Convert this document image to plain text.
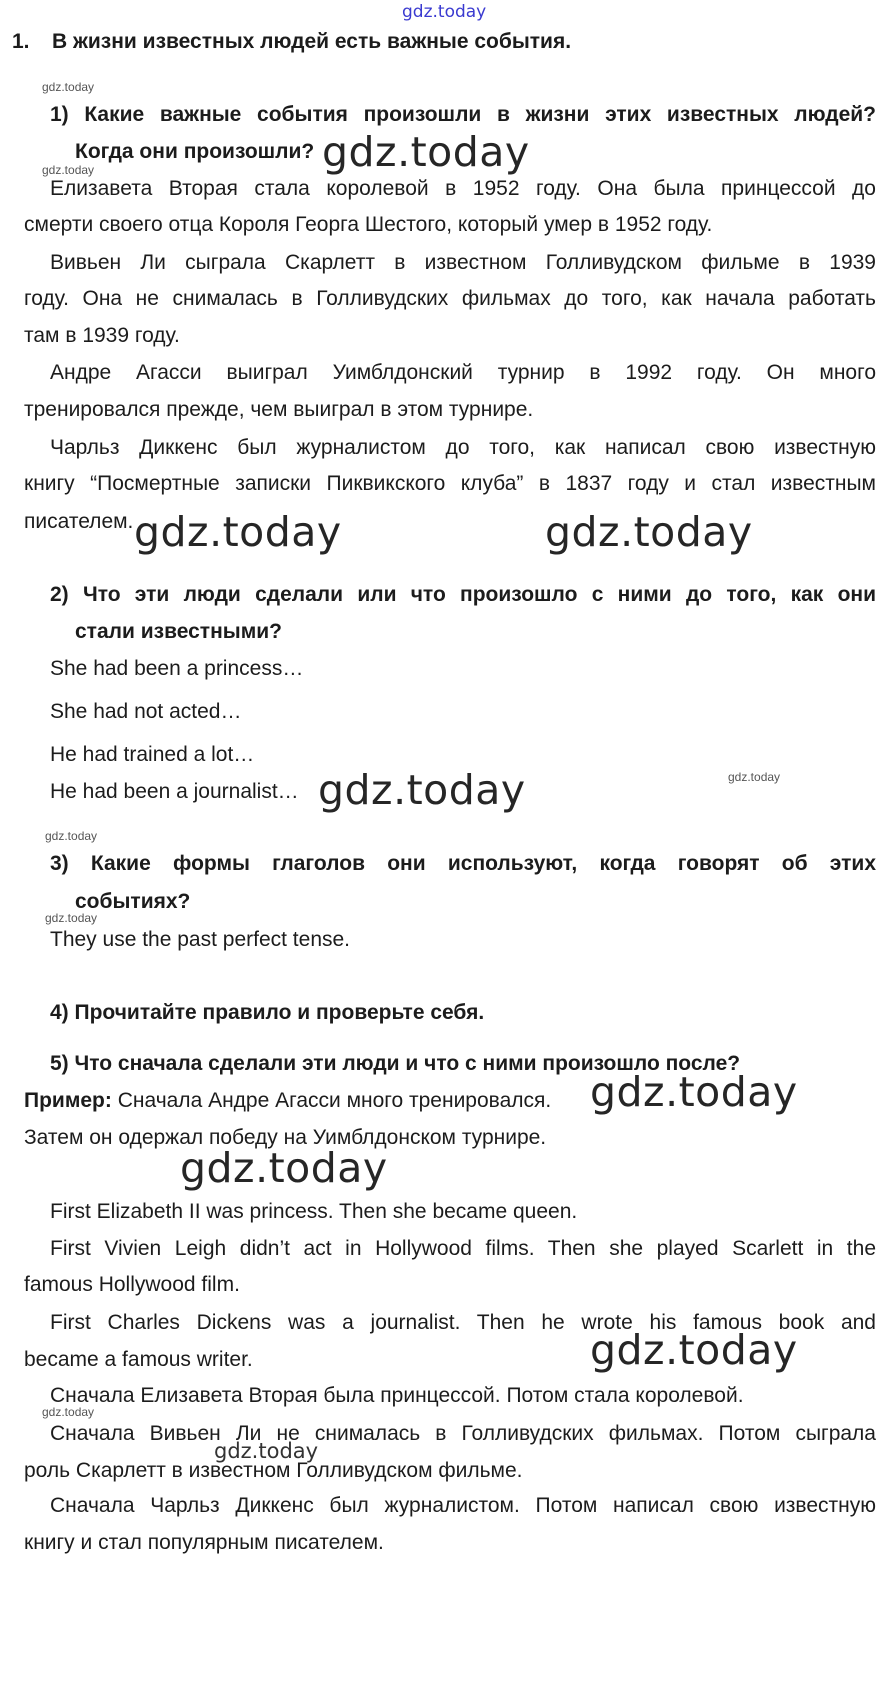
gdz.today
1. В жизни известных людей есть важные события.
gdz.today
1) Какие важные события произошли в жизни этих известных людей?
Когда они произошли? gdz.today
gdz.today
Елизавета Вторая стала королевой в 1952 году. Она была принцессой до
смерти своего отца Короля Георга Шестого, который умер в 1952 году.
Вивьен Ли сыграла Скарлетт в известном Голливудском фильме в 1939
году. Она не снималась в Голливудских фильмах до того, как начала работать
там в 1939 году.
Андре Агасси выиграл Уимблдонский турнир в 1992 году. Он много
тренировался прежде, чем выиграл в этом турнире.
Чарльз Диккенс был журналистом до того, как написал свою известную
книгу “Посмертные записки Пиквикского клуба” в 1837 году и стал известным
писателем. gdz.today	gdz.today
2) Что эти люди сделали или что произошло с ними до того, как они
стали известными?
She had been a princess…
She had not acted…
He had trained a lot…
He had been a journalist… gdz.today	gdz.today
gdz.today
3) Какие формы глаголов они используют, когда говорят об этих
событиях?
gdz.today
They use the past perfect tense.
4) Прочитайте правило и проверьте себя.
5) Что сначала сделали эти люди и что с ними произошло после?
Пример: Сначала Андре Агасси много тренировался. gdz.today
Затем он одержал победу на Уимблдонском турнире.
gdz.today
First Elizabeth II was princess. Then she became queen.
First Vivien Leigh didn’t act in Hollywood films. Then she played Scarlett in the
famous Hollywood film.
First Charles Dickens was a journalist. Then he wrote his famous book and
became a famous writer.	gdz.today
Сначала Елизавета Вторая была принцессой. Потом стала королевой.
gdz.today
Сначала Вивьен Ли не снималась в Голливудских фильмах. Потом сыграла
gdz.today
роль Скарлетт в известном Голливудском фильме.
Сначала Чарльз Диккенс был журналистом. Потом написал свою известную
книгу и стал популярным писателем.
